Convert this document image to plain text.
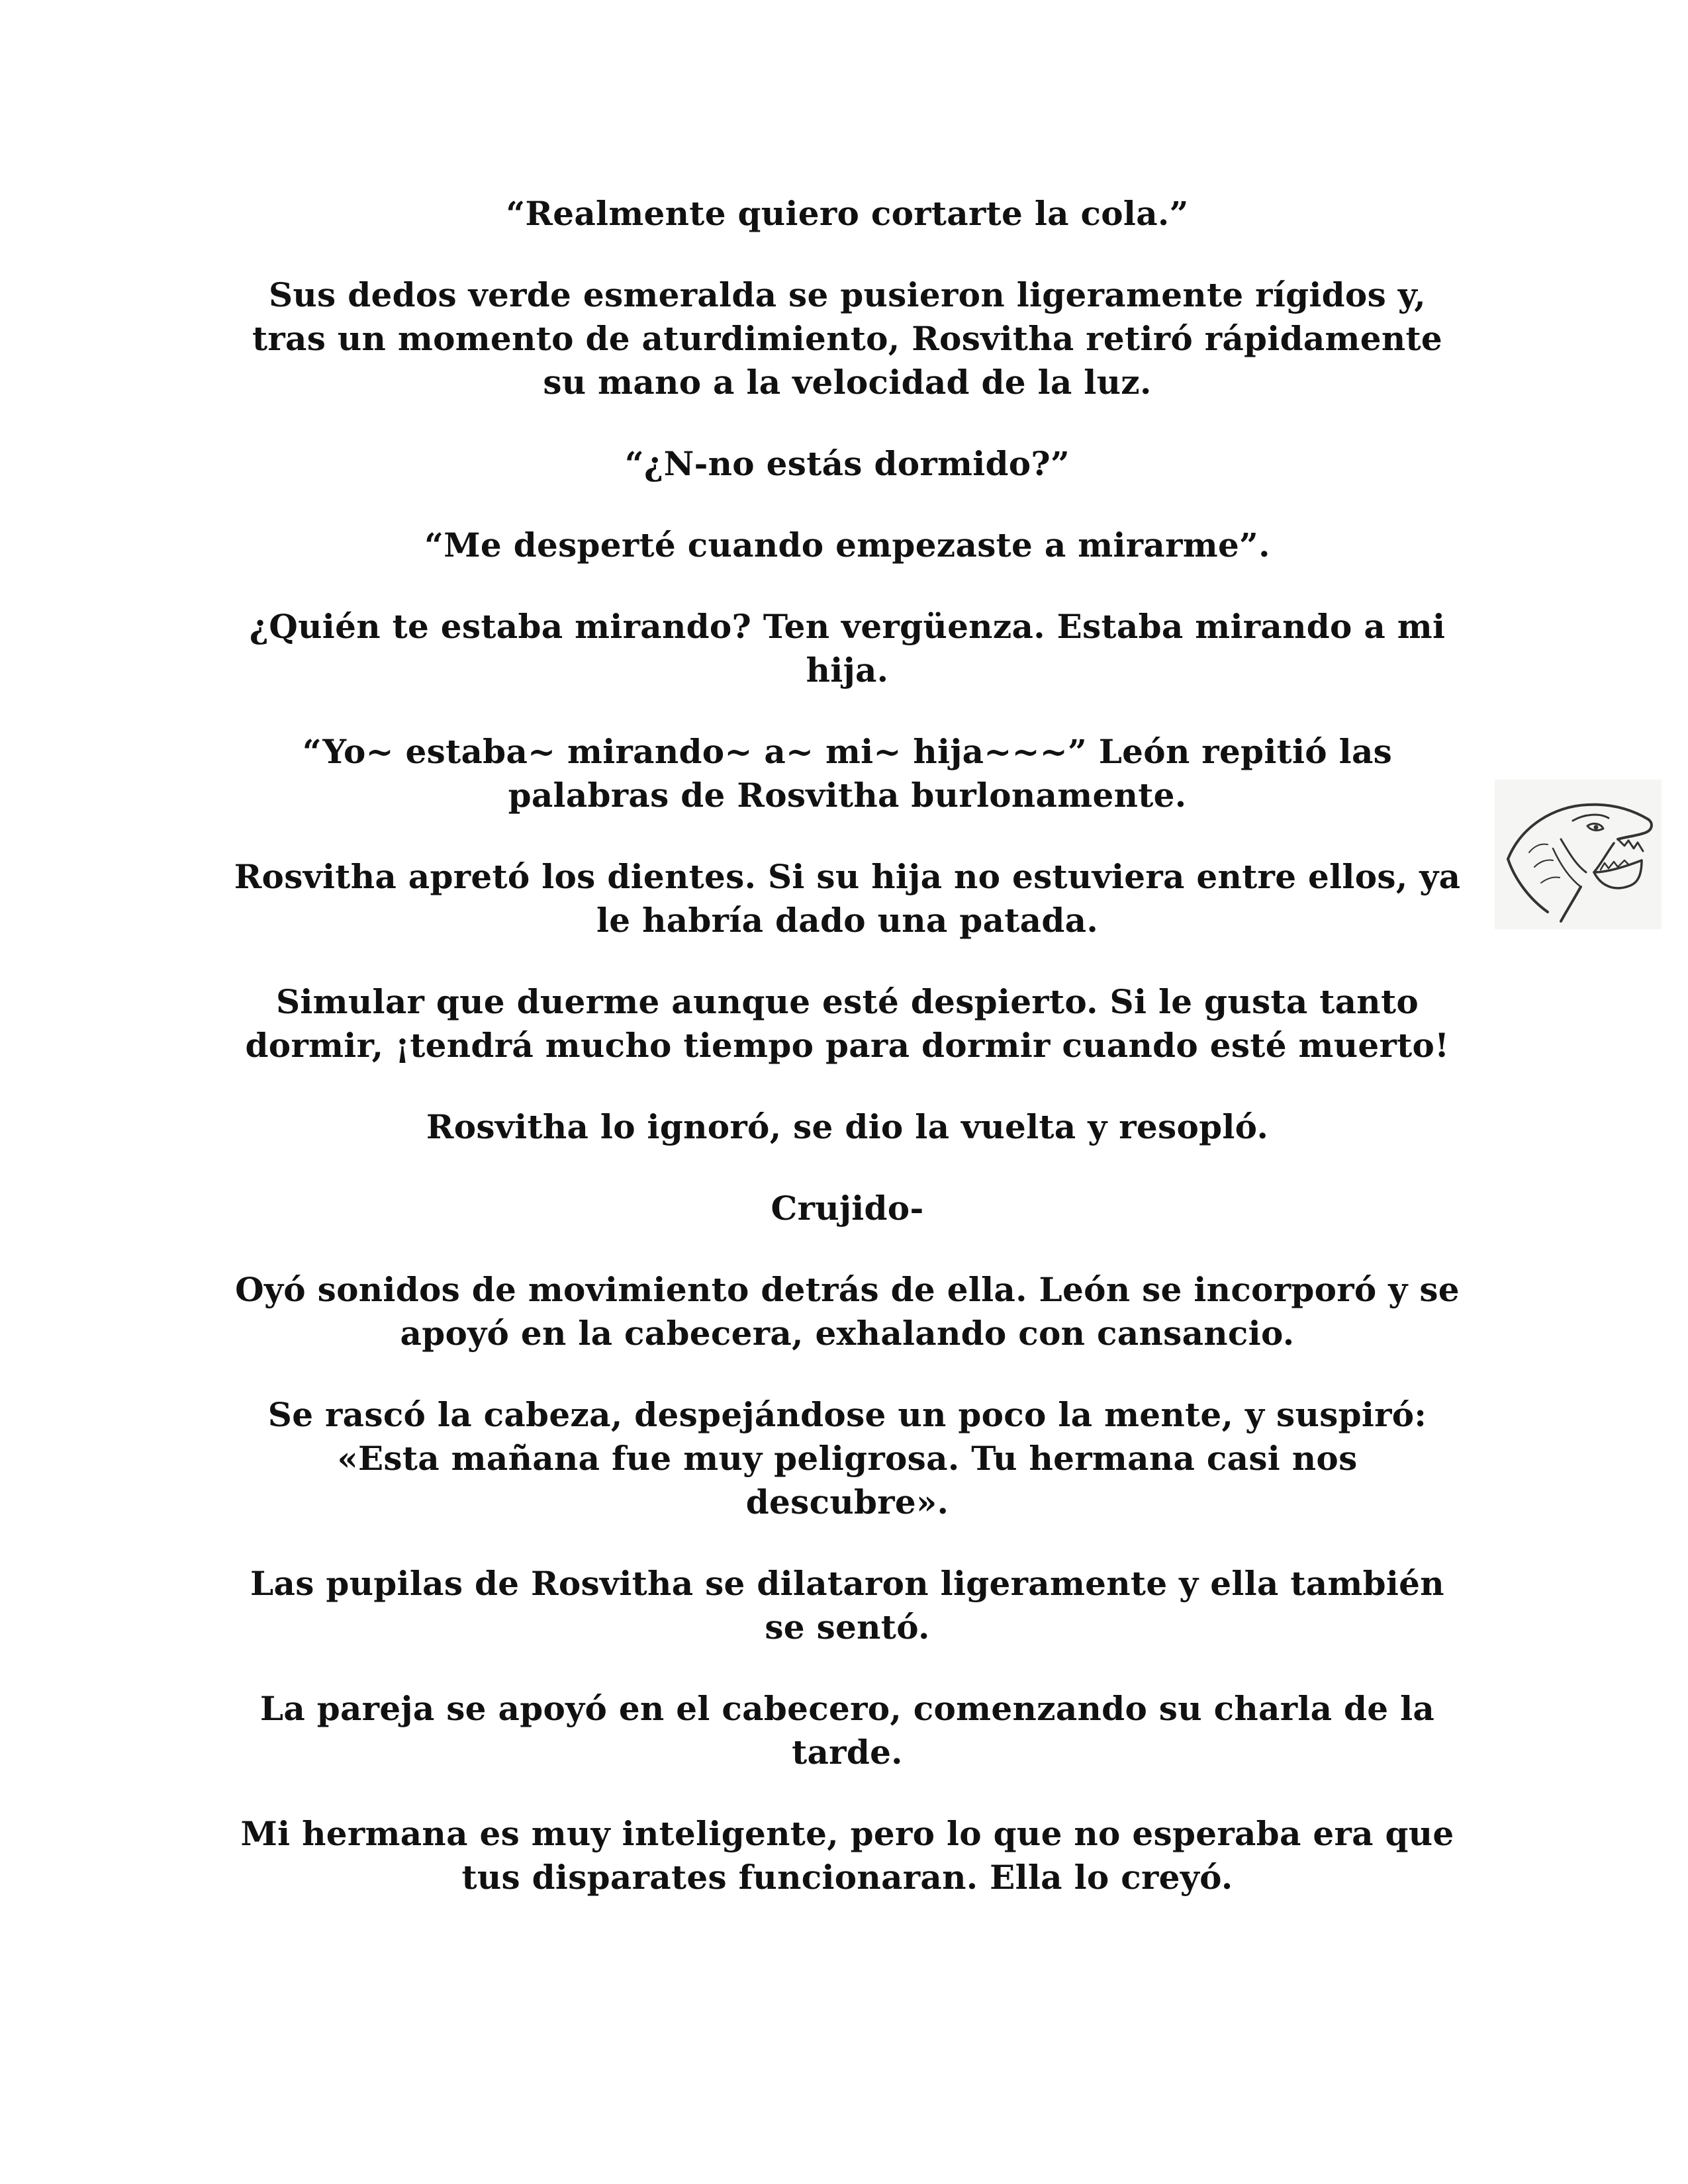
“Realmente quiero cortarte la cola.”

Sus dedos verde esmeralda se pusieron ligeramente rígidos y, tras un momento de aturdimiento, Rosvitha retiró rápidamente su mano a la velocidad de la luz.

“¿N-no estás dormido?”

“Me desperté cuando empezaste a mirarme”.

¿Quién te estaba mirando? Ten vergüenza. Estaba mirando a mi hija.

“Yo~ estaba~ mirando~ a~ mi~ hija~~~” León repitió las palabras de Rosvitha burlonamente.

Rosvitha apretó los dientes. Si su hija no estuviera entre ellos, ya le habría dado una patada.

Simular que duerme aunque esté despierto. Si le gusta tanto dormir, ¡tendrá mucho tiempo para dormir cuando esté muerto!

Rosvitha lo ignoró, se dio la vuelta y resopló.

Crujido-

Oyó sonidos de movimiento detrás de ella. León se incorporó y se apoyó en la cabecera, exhalando con cansancio.

Se rascó la cabeza, despejándose un poco la mente, y suspiró: «Esta mañana fue muy peligrosa. Tu hermana casi nos descubre».

Las pupilas de Rosvitha se dilataron ligeramente y ella también se sentó.

La pareja se apoyó en el cabecero, comenzando su charla de la tarde.

Mi hermana es muy inteligente, pero lo que no esperaba era que tus disparates funcionaran. Ella lo creyó.
